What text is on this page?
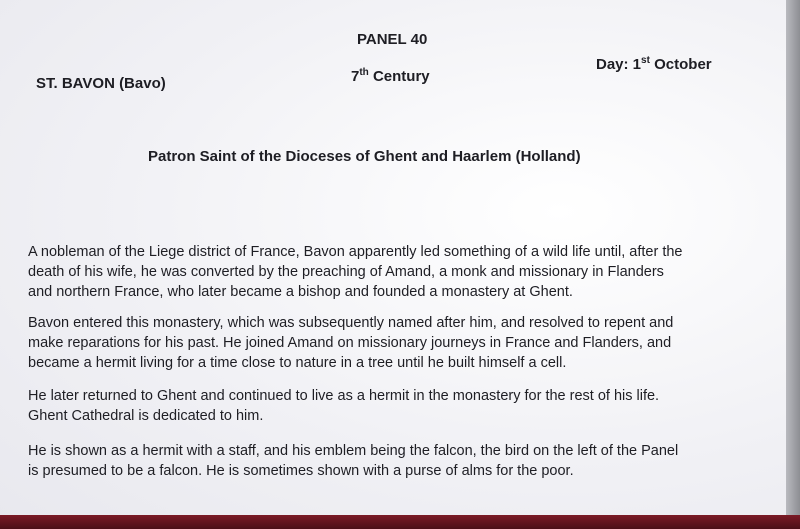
PANEL 40
ST. BAVON (Bavo)	7th Century
Day: 1st October
Patron Saint of the Dioceses of Ghent and Haarlem (Holland)
A nobleman of the Liege district of France, Bavon apparently led something of a wild life until, after the
death of his wife, he was converted by the preaching of Amand, a monk and missionary in Flanders
and northern France, who later became a bishop and founded a monastery at Ghent.
Bavon entered this monastery, which was subsequently named after him, and resolved to repent and
make reparations for his past. He joined Amand on missionary journeys in France and Flanders, and
became a hermit living for a time close to nature in a tree until he built himself a cell.
He later returned to Ghent and continued to live as a hermit in the monastery for the rest of his life.
Ghent Cathedral is dedicated to him.
He is shown as a hermit with a staff, and his emblem being the falcon, the bird on the left of the Panel
is presumed to be a falcon. He is sometimes shown with a purse of alms for the poor.
